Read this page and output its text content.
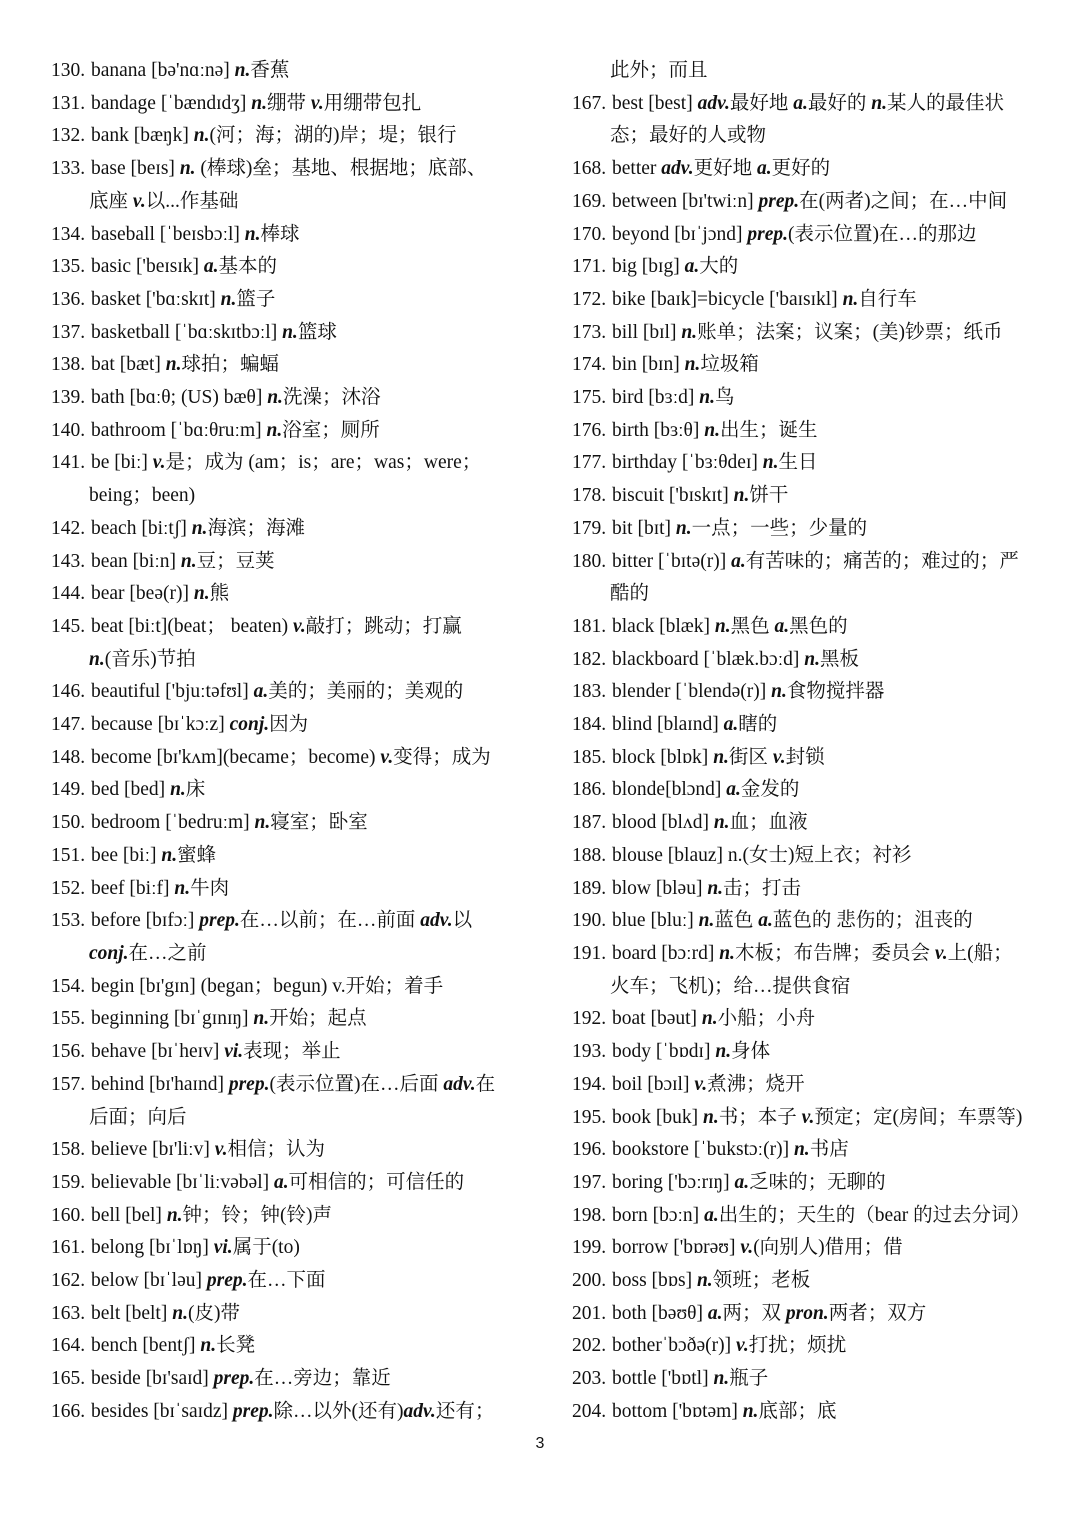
130. banana [bə'nɑːnə] n.香蕉
131. bandage [ˈbændɪdʒ] n.绷带 v.用绷带包扎
132. bank [bæŋk] n.(河；海；湖的)岸；堤；银行
133. base [beɪs] n. (棒球)垒；基地、根据地；底部、
底座 v.以...作基础
134. baseball [ˈbeɪsbɔːl] n.棒球
135. basic ['beɪsɪk] a.基本的
136. basket ['bɑːskɪt] n.篮子
137. basketball [ˈbɑːskɪtbɔːl] n.篮球
138. bat [bæt] n.球拍；蝙蝠
139. bath [bɑːθ; (US) bæθ] n.洗澡；沐浴
140. bathroom [ˈbɑːθruːm] n.浴室；厕所
141. be [biː] v.是；成为 (am；is；are；was；were；
being；been)
142. beach [biːtʃ] n.海滨；海滩
143. bean [biːn] n.豆；豆荚
144. bear [beə(r)] n.熊
145. beat [biːt](beat； beaten) v.敲打；跳动；打赢
n.(音乐)节拍
146. beautiful ['bjuːtəfʊl] a.美的；美丽的；美观的
147. because [bɪˈkɔːz] conj.因为
148. become [bɪ'kʌm](became；become) v.变得；成为
149. bed [bed] n.床
150. bedroom [ˈbedruːm] n.寝室；卧室
151. bee [biː] n.蜜蜂
152. beef [biːf] n.牛肉
153. before [bɪfɔː] prep.在…以前；在…前面 adv.以
conj.在…之前
154. begin [bɪ'gɪn] (began；begun) v.开始；着手
155. beginning [bɪˈgɪnɪŋ] n.开始；起点
156. behave [bɪˈheɪv] vi.表现；举止
157. behind [bɪ'haɪnd] prep.(表示位置)在…后面 adv.在
后面；向后
158. believe [bɪ'liːv] v.相信；认为
159. believable [bɪˈliːvəbəl] a.可相信的；可信任的
160. bell [bel] n.钟；铃；钟(铃)声
161. belong [bɪˈlɒŋ] vi.属于(to)
162. below [bɪˈləu] prep.在…下面
163. belt [belt] n.(皮)带
164. bench [bentʃ] n.长凳
165. beside [bɪ'saɪd] prep.在…旁边；靠近
166. besides [bɪˈsaɪdz] prep.除…以外(还有)adv.还有；
此外；而且
167. best [best] adv.最好地 a.最好的 n.某人的最佳状
态；最好的人或物
168. better adv.更好地 a.更好的
169. between [bɪ'twiːn] prep.在(两者)之间；在…中间
170. beyond [bɪˈjɔnd] prep.(表示位置)在…的那边
171. big [bɪg] a.大的
172. bike [baɪk]=bicycle ['baɪsɪkl] n.自行车
173. bill [bɪl] n.账单；法案；议案；(美)钞票；纸币
174. bin [bɪn] n.垃圾箱
175. bird [bɜːd] n.鸟
176. birth [bɜːθ] n.出生；诞生
177. birthday [ˈbɜːθdeɪ] n.生日
178. biscuit ['bɪskɪt] n.饼干
179. bit [bɪt] n.一点；一些；少量的
180. bitter [ˈbɪtə(r)] a.有苦味的；痛苦的；难过的；严
酷的
181. black [blæk] n.黑色 a.黑色的
182. blackboard [ˈblæk.bɔːd] n.黑板
183. blender [ˈblendə(r)] n.食物搅拌器
184. blind [blaɪnd] a.瞎的
185. block [blɒk] n.街区 v.封锁
186. blonde[blɔnd] a.金发的
187. blood [blʌd] n.血；血液
188. blouse [blauz] n.(女士)短上衣；衬衫
189. blow [bləu] n.击；打击
190. blue [bluː] n.蓝色 a.蓝色的 悲伤的；沮丧的
191. board [bɔːrd] n.木板；布告牌；委员会 v.上(船；
火车；飞机)；给…提供食宿
192. boat [bəut] n.小船；小舟
193. body [ˈbɒdɪ] n.身体
194. boil [bɔɪl] v.煮沸；烧开
195. book [buk] n.书；本子 v.预定；定(房间；车票等)
196. bookstore [ˈbukstɔː(r)] n.书店
197. boring ['bɔːrɪŋ] a.乏味的；无聊的
198. born [bɔːn] a.出生的；天生的（bear 的过去分词）
199. borrow ['bɒrəʊ] v.(向别人)借用；借
200. boss [bɒs] n.领班；老板
201. both [bəʊθ] a.两；双 pron.两者；双方
202. botherˈbɔðə(r)] v.打扰；烦扰
203. bottle ['bɒtl] n.瓶子
204. bottom ['bɒtəm] n.底部；底
3
